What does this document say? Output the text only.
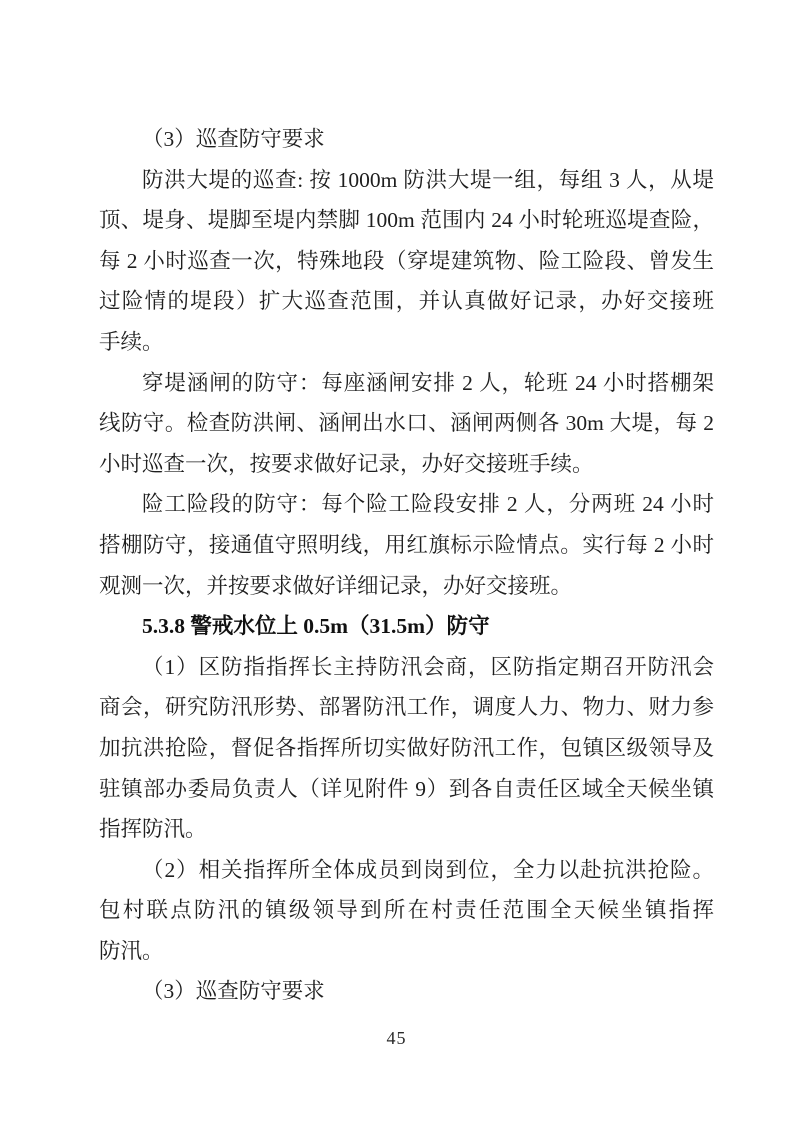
（3）巡查防守要求
防洪大堤的巡查: 按 1000m 防洪大堤一组，每组 3 人，从堤
顶、堤身、堤脚至堤内禁脚 100m 范围内 24 小时轮班巡堤查险，
每 2 小时巡查一次，特殊地段（穿堤建筑物、险工险段、曾发生
过险情的堤段）扩大巡查范围，并认真做好记录，办好交接班
手续。
穿堤涵闸的防守：每座涵闸安排 2 人，轮班 24 小时搭棚架
线防守。检查防洪闸、涵闸出水口、涵闸两侧各 30m 大堤，每 2
小时巡查一次，按要求做好记录，办好交接班手续。
险工险段的防守：每个险工险段安排 2 人，分两班 24 小时
搭棚防守，接通值守照明线，用红旗标示险情点。实行每 2 小时
观测一次，并按要求做好详细记录，办好交接班。
5.3.8 警戒水位上 0.5m（31.5m）防守
（1）区防指指挥长主持防汛会商，区防指定期召开防汛会
商会，研究防汛形势、部署防汛工作，调度人力、物力、财力参
加抗洪抢险，督促各指挥所切实做好防汛工作，包镇区级领导及
驻镇部办委局负责人（详见附件 9）到各自责任区域全天候坐镇
指挥防汛。
（2）相关指挥所全体成员到岗到位，全力以赴抗洪抢险。
包村联点防汛的镇级领导到所在村责任范围全天候坐镇指挥
防汛。
（3）巡查防守要求
45
